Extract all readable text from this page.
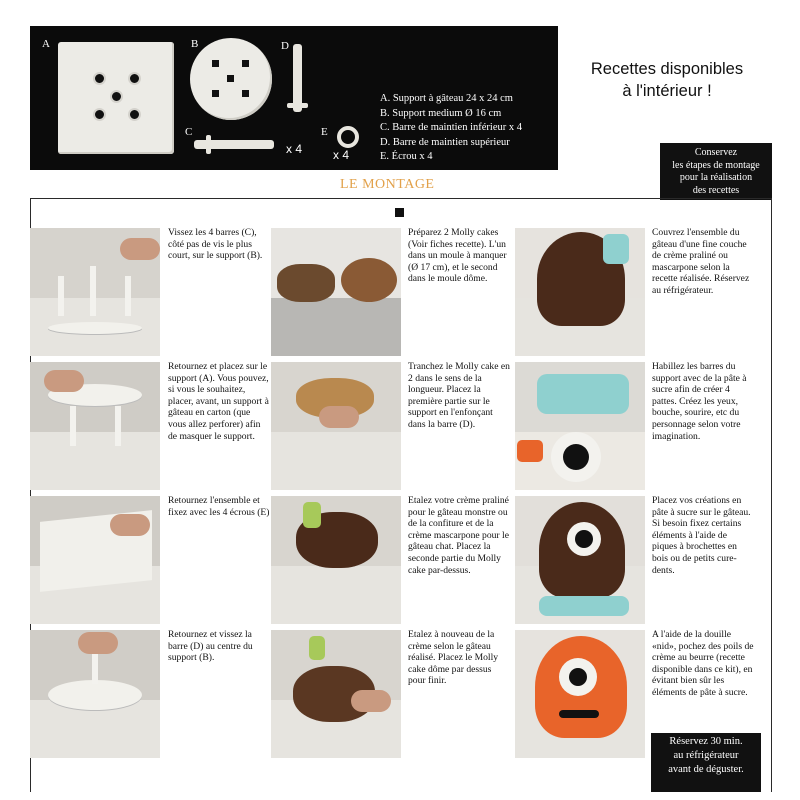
A	B	D
C
x 4
E
x 4
A. Support à gâteau 24 x 24 cm
B. Support medium Ø 16 cm
C. Barre de maintien inférieur x 4
D. Barre de maintien supérieur
E. Écrou x 4
Recettes disponibles
à l'intérieur !
Conservez
les étapes de montage
pour la réalisation
des recettes
LE MONTAGE
Vissez les 4 barres (C), côté pas de vis le plus court, sur le support (B).
Retournez et placez sur le support (A). Vous pouvez, si vous le souhaitez, placer, avant, un support à gâteau en carton (que vous allez perforer) afin de masquer le support.
Retournez l'ensemble et fixez avec les 4 écrous (E)
Retournez et vissez la barre (D) au centre du support (B).
Préparez 2 Molly cakes (Voir fiches recette). L'un dans un moule à manquer (Ø 17 cm), et le second dans le moule dôme.
Tranchez le Molly cake en 2 dans le sens de la longueur. Placez la première partie sur le support en l'enfonçant dans la barre (D).
Etalez votre crème praliné pour le gâteau monstre ou de la confiture et de la crème mascarpone pour le gâteau chat. Placez la seconde partie du Molly cake par-dessus.
Etalez à nouveau de la crème selon le gâteau réalisé. Placez le Molly cake dôme par dessus pour finir.
Couvrez l'ensemble du gâteau d'une fine couche de crème praliné ou mascarpone selon la recette réalisée. Réservez au réfrigérateur.
Habillez les barres du support avec de la pâte à sucre afin de créer 4 pattes. Créez les yeux, bouche, sourire, etc du personnage selon votre imagination.
Placez vos créations en pâte à sucre sur le gâteau. Si besoin fixez certains éléments à l'aide de piques à brochettes en bois ou de petits cure-dents.
A l'aide de la douille «nid», pochez des poils de crème au beurre (recette disponible dans ce kit), en évitant bien sûr les éléments de pâte à sucre.
Réservez 30 min.
au réfrigérateur
avant de déguster.
